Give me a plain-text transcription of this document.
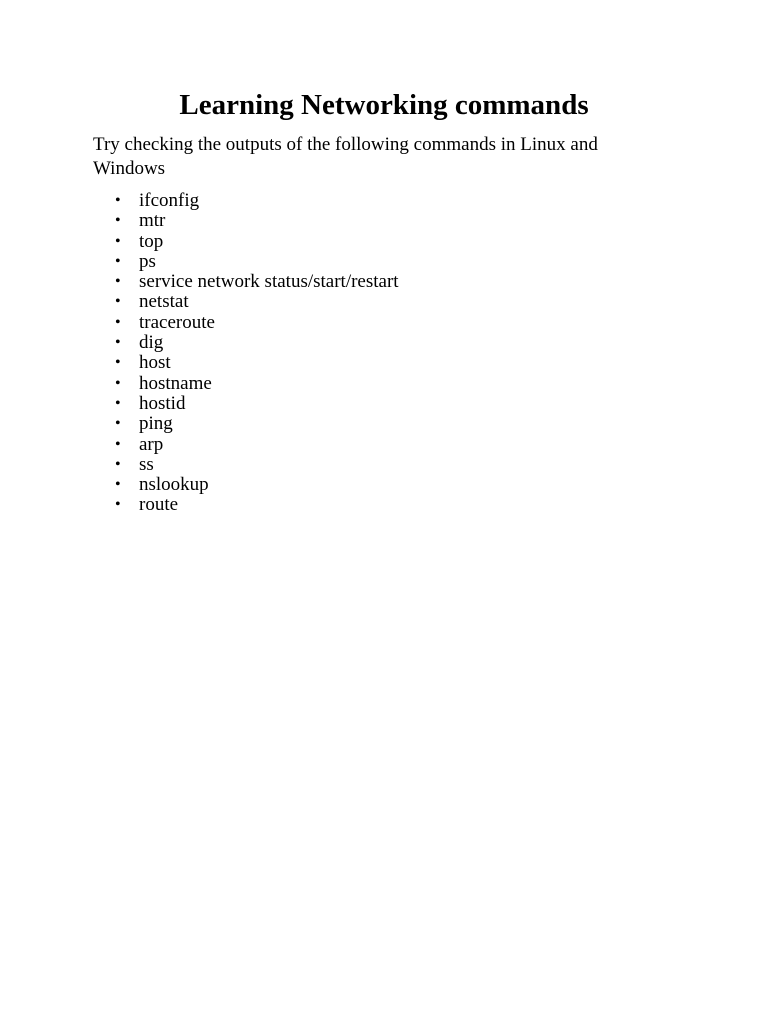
Learning Networking commands

Try checking the outputs of the following commands in Linux and Windows

• ifconfig
• mtr
• top
• ps
• service network status/start/restart
• netstat
• traceroute
• dig
• host
• hostname
• hostid
• ping
• arp
• ss
• nslookup
• route
